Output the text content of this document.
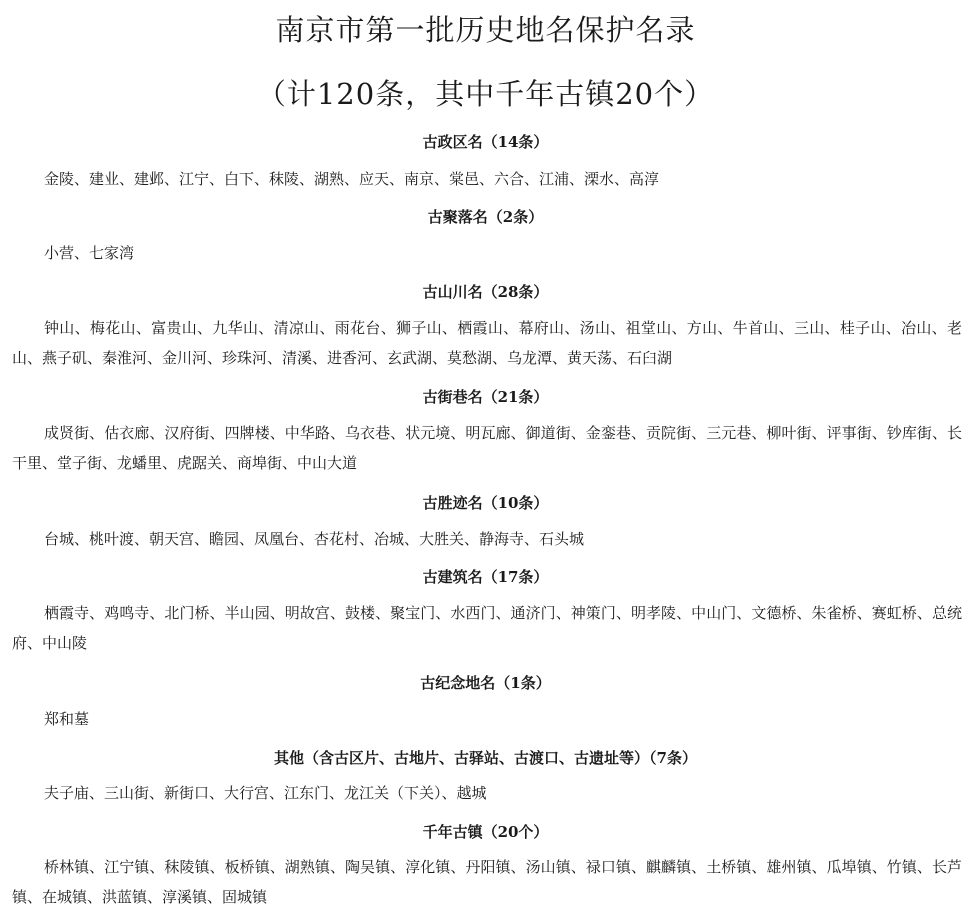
南京市第一批历史地名保护名录
（计120条，其中千年古镇20个）
古政区名（14条）

金陵、建业、建邺、江宁、白下、秣陵、湖熟、应天、南京、棠邑、六合、江浦、溧水、高淳

古聚落名（2条）

小营、七家湾

古山川名（28条）

钟山、梅花山、富贵山、九华山、清凉山、雨花台、狮子山、栖霞山、幕府山、汤山、祖堂山、方山、牛首山、三山、桂子山、冶山、老山、燕子矶、秦淮河、金川河、珍珠河、清溪、进香河、玄武湖、莫愁湖、乌龙潭、黄天荡、石臼湖

古街巷名（21条）

成贤街、估衣廊、汉府街、四牌楼、中华路、乌衣巷、状元境、明瓦廊、御道街、金銮巷、贡院街、三元巷、柳叶街、评事街、钞库街、长干里、堂子街、龙蟠里、虎踞关、商埠街、中山大道

古胜迹名（10条）

台城、桃叶渡、朝天宫、瞻园、凤凰台、杏花村、冶城、大胜关、静海寺、石头城

古建筑名（17条）

栖霞寺、鸡鸣寺、北门桥、半山园、明故宫、鼓楼、聚宝门、水西门、通济门、神策门、明孝陵、中山门、文德桥、朱雀桥、赛虹桥、总统府、中山陵

古纪念地名（1条）

郑和墓

其他（含古区片、古地片、古驿站、古渡口、古遗址等）（7条）

夫子庙、三山街、新街口、大行宫、江东门、龙江关（下关）、越城

千年古镇（20个）

桥林镇、江宁镇、秣陵镇、板桥镇、湖熟镇、陶吴镇、淳化镇、丹阳镇、汤山镇、禄口镇、麒麟镇、土桥镇、雄州镇、瓜埠镇、竹镇、长芦镇、在城镇、洪蓝镇、淳溪镇、固城镇
